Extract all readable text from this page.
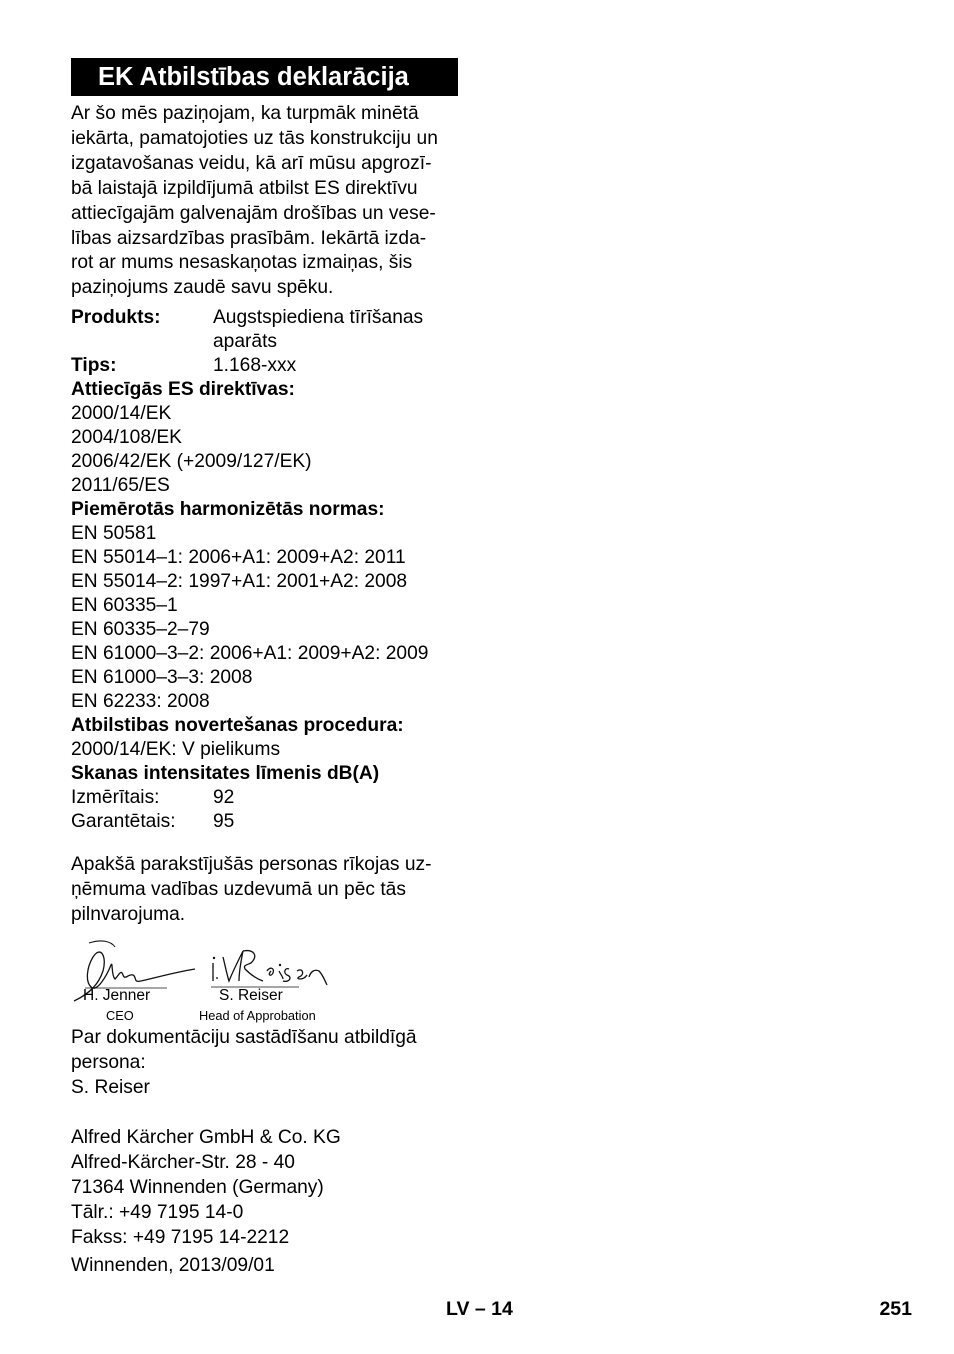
EK Atbilstības deklarācija
Ar šo mēs paziņojam, ka turpmāk minētā
iekārta, pamatojoties uz tās konstrukciju un
izgatavošanas veidu, kā arī mūsu apgrozī-
bā laistajā izpildījumā atbilst ES direktīvu
attiecīgajām galvenajām drošības un vese-
lības aizsardzības prasībām. Iekārtā izda-
rot ar mums nesaskaņotas izmaiņas, šis
paziņojums zaudē savu spēku.
Produkts:	Augstspiediena tīrīšanas
aparāts
Tips:	1.168-xxx
Attiecīgās ES direktīvas:
2000/14/EK
2004/108/EK
2006/42/EK (+2009/127/EK)
2011/65/ES
Piemērotās harmonizētās normas:
EN 50581
EN 55014–1: 2006+A1: 2009+A2: 2011
EN 55014–2: 1997+A1: 2001+A2: 2008
EN 60335–1
EN 60335–2–79
EN 61000–3–2: 2006+A1: 2009+A2: 2009
EN 61000–3–3: 2008
EN 62233: 2008
Atbilstibas novertešanas procedura:
2000/14/EK: V pielikums
Skanas intensitates līmenis dB(A)
Izmērītais:	92
Garantētais: 95
Apakšā parakstījušās personas rīkojas uz-
ņēmuma vadības uzdevumā un pēc tās
pilnvarojuma.
H. Jenner
CEO
S. Reiser
Head of Approbation
Par dokumentāciju sastādīšanu atbildīgā
persona:
S. Reiser
Alfred Kärcher GmbH & Co. KG
Alfred-Kärcher-Str. 28 - 40
71364 Winnenden (Germany)
Tālr.: +49 7195 14-0
Fakss: +49 7195 14-2212
Winnenden, 2013/09/01
LV – 14	251
